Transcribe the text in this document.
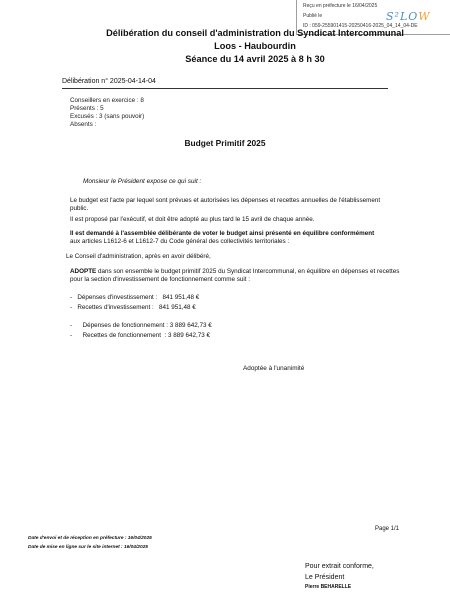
Reçu en préfecture le 16/04/2025
Publié le
ID : 059-255901415-20250416-2025_04_14_04-DE
S²LOW
Délibération du conseil d'administration du Syndicat Intercommunal
Loos - Haubourdin
Séance du 14 avril 2025 à 8 h 30
Délibération n° 2025-04-14-04
Conseillers en exercice : 8
Présents : 5
Excusés : 3 (sans pouvoir)
Absents :
Budget Primitif 2025
Monsieur le Président expose ce qui suit :
Le budget est l'acte par lequel sont prévues et autorisées les dépenses et recettes annuelles de l'établissement public.
Il est proposé par l'exécutif, et doit être adopté au plus tard le 15 avril de chaque année.
Il est demandé à l'assemblée délibérante de voter le budget ainsi présenté en équilibre conformément
aux articles L1612-6 et L1612-7 du Code général des collectivités territoriales :
Le Conseil d'administration, après en avoir délibéré,
ADOPTE dans son ensemble le budget primitif 2025 du Syndicat Intercommunal, en équilibre en dépenses et recettes pour la section d'investissement de fonctionnement comme suit :
-   Dépenses d'investissement :   841 951,48 €
-   Recettes d'investissement :   841 951,48 €
-      Dépenses de fonctionnement : 3 889 642,73 €
-      Recettes de fonctionnement  : 3 889 642,73 €
Adoptée à l'unanimité
Page 1/1
Date d'envoi et de réception en préfecture : 16/04/2025
Date de mise en ligne sur le site internet : 16/04/2025
Pour extrait conforme,
Le Président
Pierre BEHARELLE
